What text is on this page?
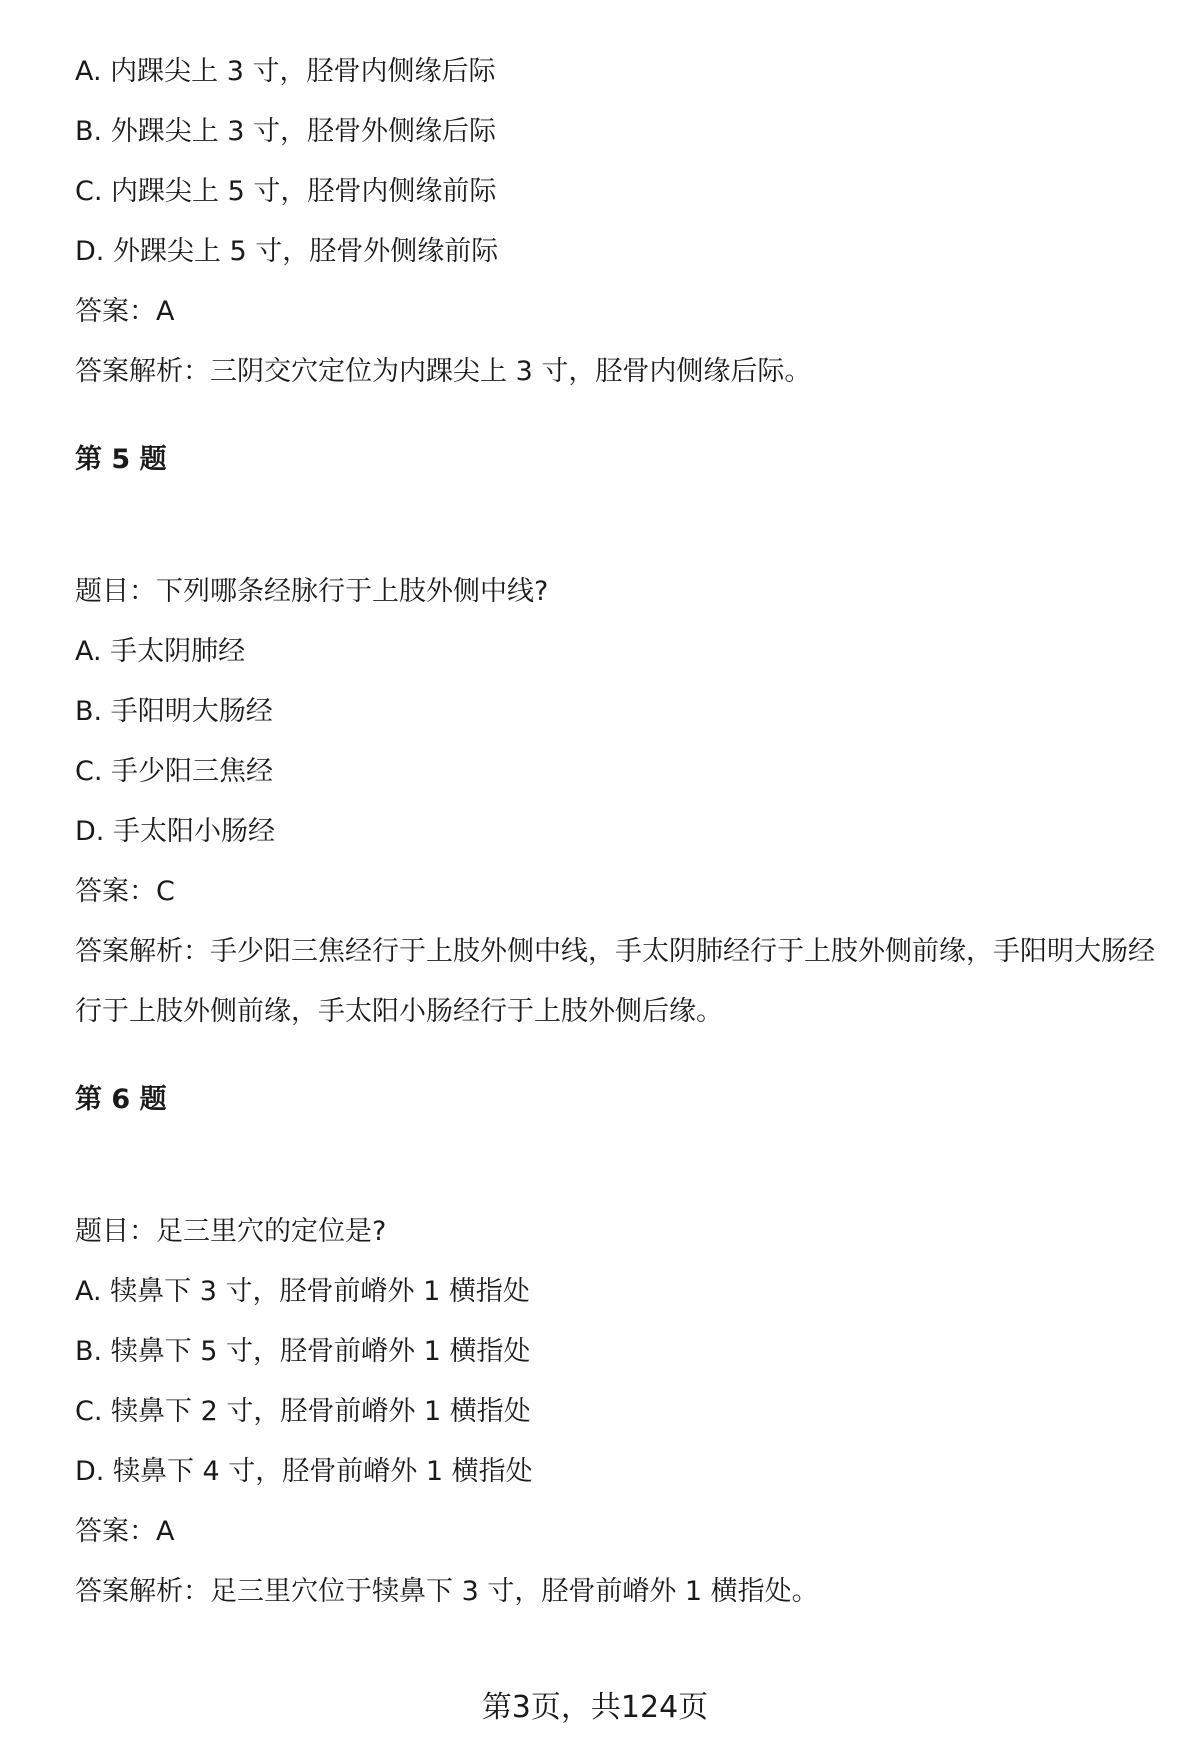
A. 内踝尖上 3 寸，胫骨内侧缘后际
B. 外踝尖上 3 寸，胫骨外侧缘后际
C. 内踝尖上 5 寸，胫骨内侧缘前际
D. 外踝尖上 5 寸，胫骨外侧缘前际
答案：A
答案解析：三阴交穴定位为内踝尖上 3 寸，胫骨内侧缘后际。
第 5 题
题目：下列哪条经脉行于上肢外侧中线?
A. 手太阴肺经
B. 手阳明大肠经
C. 手少阳三焦经
D. 手太阳小肠经
答案：C
答案解析：手少阳三焦经行于上肢外侧中线，手太阴肺经行于上肢外侧前缘，手阳明大肠经行于上肢外侧前缘，手太阳小肠经行于上肢外侧后缘。
第 6 题
题目：足三里穴的定位是?
A. 犊鼻下 3 寸，胫骨前嵴外 1 横指处
B. 犊鼻下 5 寸，胫骨前嵴外 1 横指处
C. 犊鼻下 2 寸，胫骨前嵴外 1 横指处
D. 犊鼻下 4 寸，胫骨前嵴外 1 横指处
答案：A
答案解析：足三里穴位于犊鼻下 3 寸，胫骨前嵴外 1 横指处。
第3页，共124页
